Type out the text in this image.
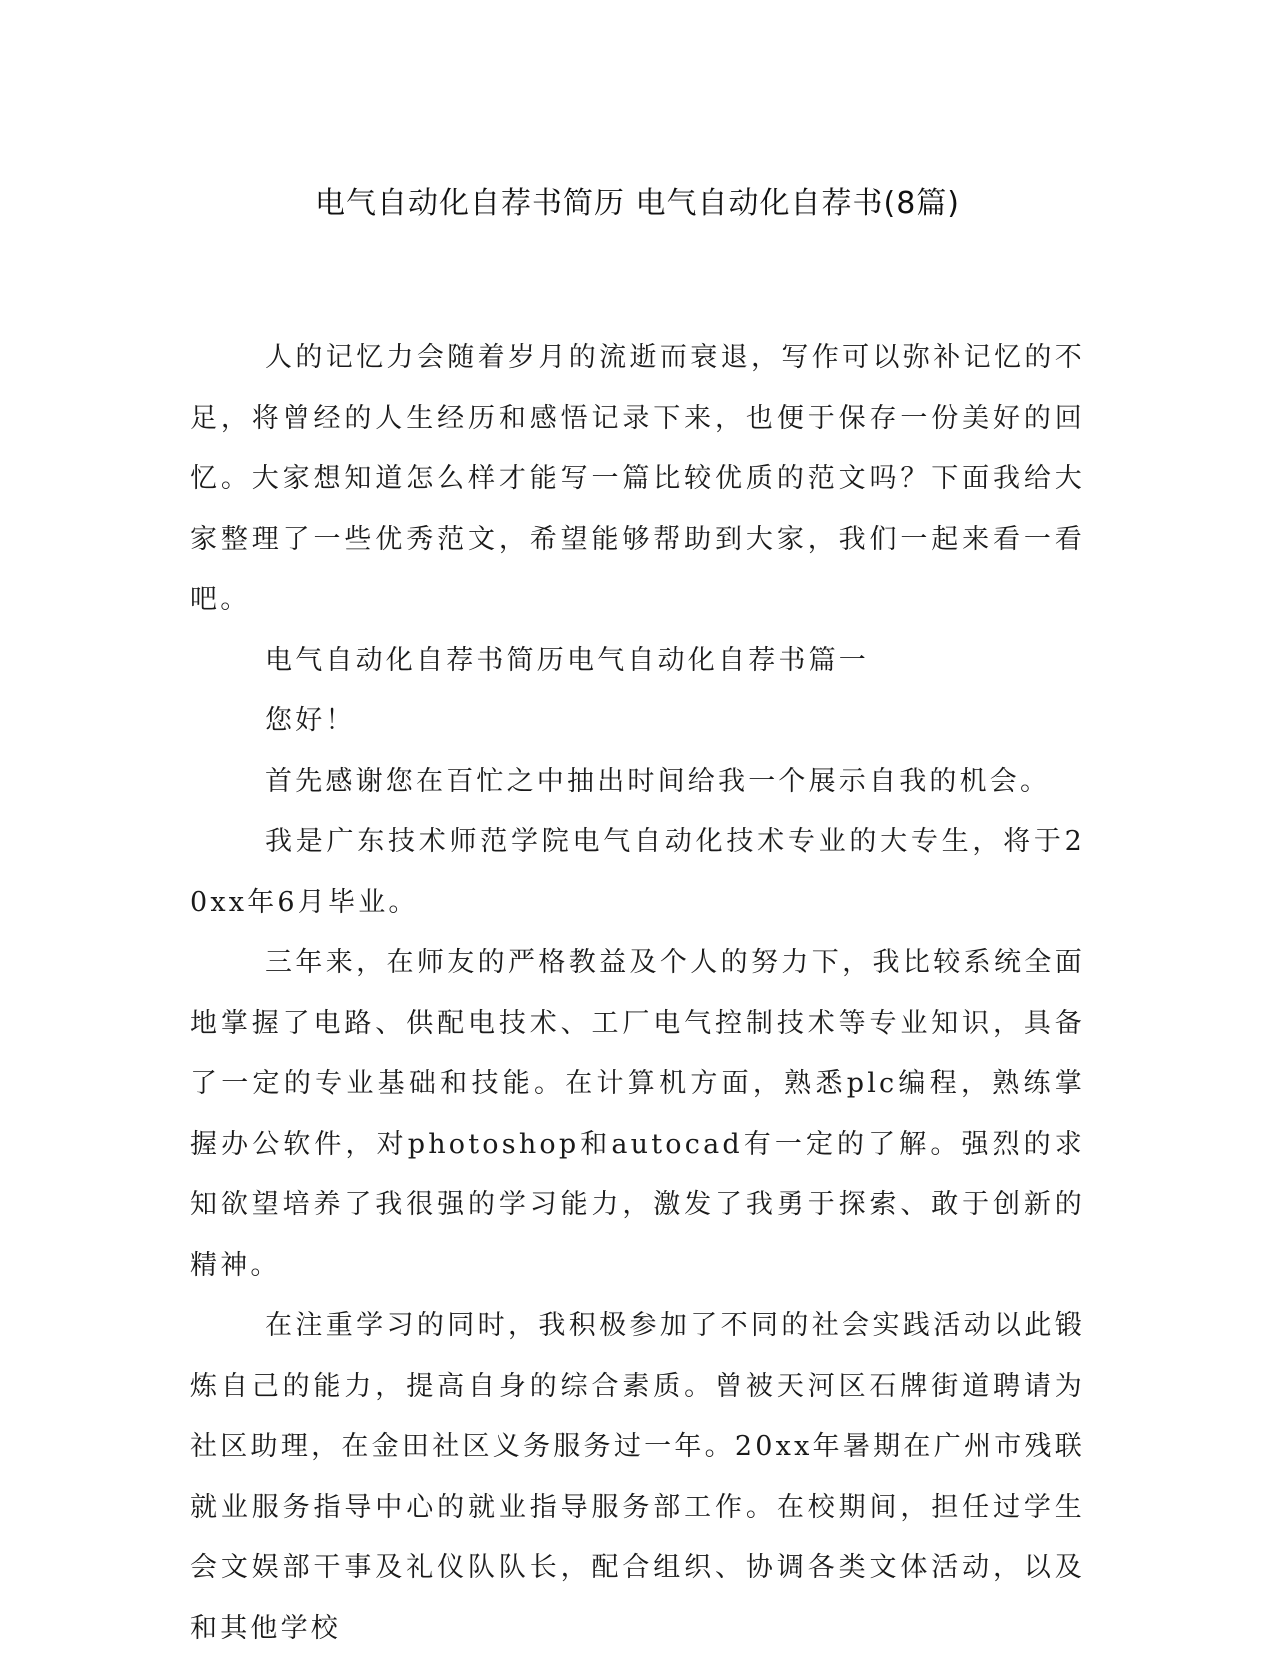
电气自动化自荐书简历 电气自动化自荐书(8篇)

人的记忆力会随着岁月的流逝而衰退，写作可以弥补记忆的不足，将曾经的人生经历和感悟记录下来，也便于保存一份美好的回忆。大家想知道怎么样才能写一篇比较优质的范文吗？下面我给大家整理了一些优秀范文，希望能够帮助到大家，我们一起来看一看吧。

电气自动化自荐书简历电气自动化自荐书篇一

您好！

首先感谢您在百忙之中抽出时间给我一个展示自我的机会。

我是广东技术师范学院电气自动化技术专业的大专生，将于20xx年6月毕业。

三年来，在师友的严格教益及个人的努力下，我比较系统全面地掌握了电路、供配电技术、工厂电气控制技术等专业知识，具备了一定的专业基础和技能。在计算机方面，熟悉plc编程，熟练掌握办公软件，对photoshop和autocad有一定的了解。强烈的求知欲望培养了我很强的学习能力，激发了我勇于探索、敢于创新的精神。

在注重学习的同时，我积极参加了不同的社会实践活动以此锻炼自己的能力，提高自身的综合素质。曾被天河区石牌街道聘请为社区助理，在金田社区义务服务过一年。20xx年暑期在广州市残联就业服务指导中心的就业指导服务部工作。在校期间，担任过学生会文娱部干事及礼仪队队长，配合组织、协调各类文体活动，以及和其他学校
